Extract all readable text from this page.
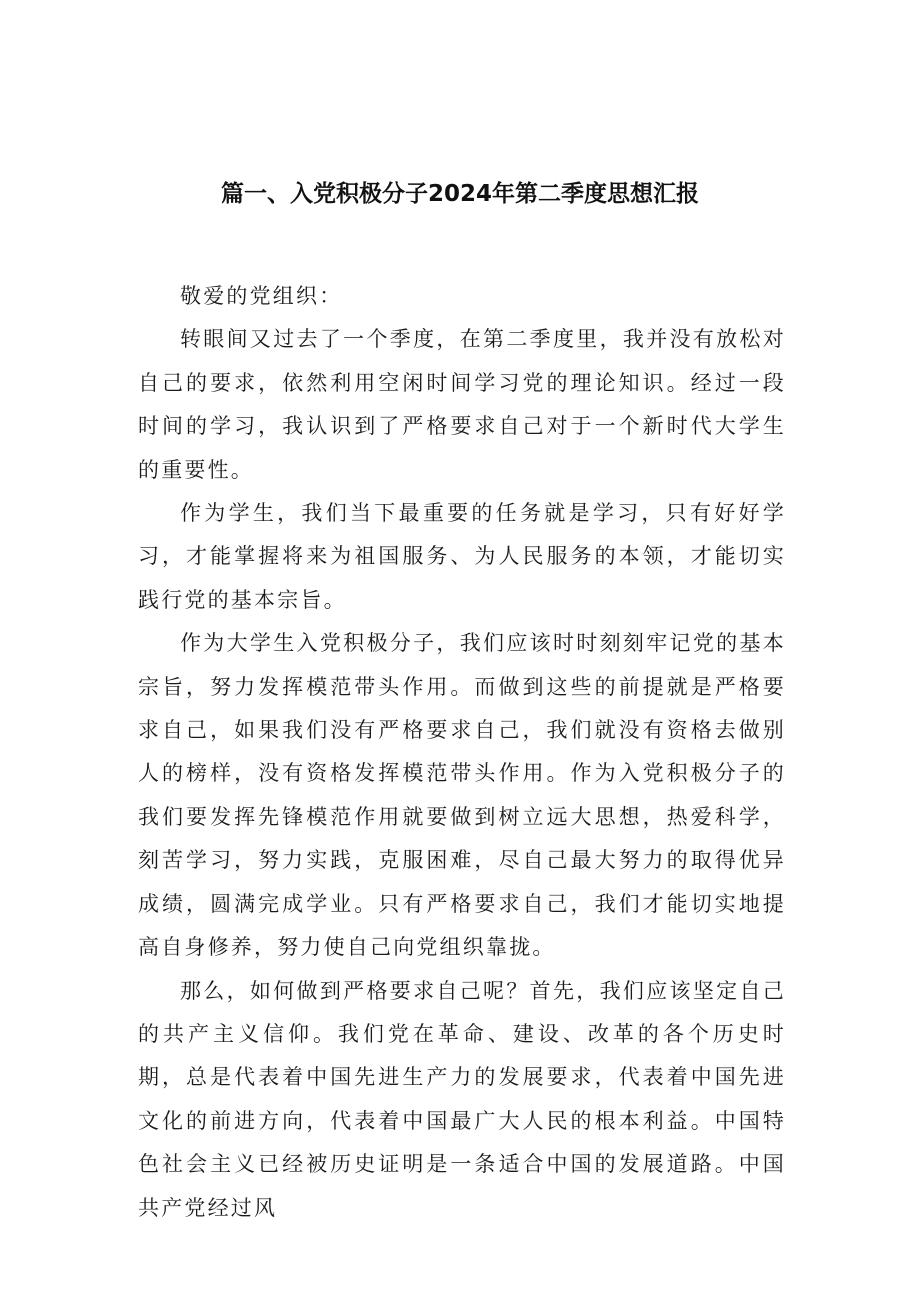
篇一、入党积极分子2024年第二季度思想汇报

敬爱的党组织：

转眼间又过去了一个季度，在第二季度里，我并没有放松对自己的要求，依然利用空闲时间学习党的理论知识。经过一段时间的学习，我认识到了严格要求自己对于一个新时代大学生的重要性。

作为学生，我们当下最重要的任务就是学习，只有好好学习，才能掌握将来为祖国服务、为人民服务的本领，才能切实践行党的基本宗旨。

作为大学生入党积极分子，我们应该时时刻刻牢记党的基本宗旨，努力发挥模范带头作用。而做到这些的前提就是严格要求自己，如果我们没有严格要求自己，我们就没有资格去做别人的榜样，没有资格发挥模范带头作用。作为入党积极分子的我们要发挥先锋模范作用就要做到树立远大思想，热爱科学，刻苦学习，努力实践，克服困难，尽自己最大努力的取得优异成绩，圆满完成学业。只有严格要求自己，我们才能切实地提高自身修养，努力使自己向党组织靠拢。

那么，如何做到严格要求自己呢？首先，我们应该坚定自己的共产主义信仰。我们党在革命、建设、改革的各个历史时期，总是代表着中国先进生产力的发展要求，代表着中国先进文化的前进方向，代表着中国最广大人民的根本利益。中国特色社会主义已经被历史证明是一条适合中国的发展道路。中国共产党经过风
